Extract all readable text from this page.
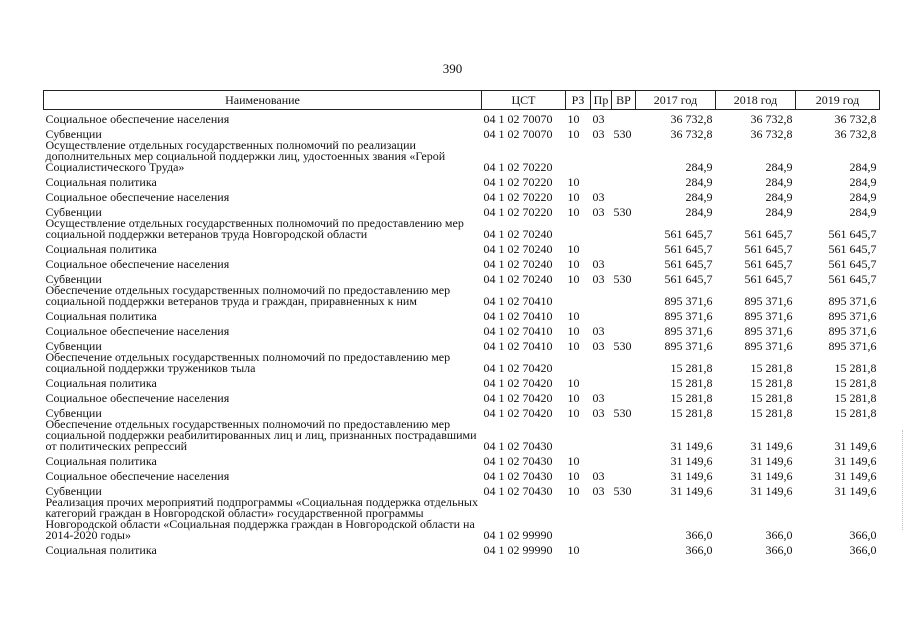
390
Наименование	ЦСТ	РЗ	Пр	ВР	2017 год	2018 год	2019 год
Социальное обеспечение населения	04 1 02 70070	10	03		36 732,8	36 732,8	36 732,8
Субвенции	04 1 02 70070	10	03	530	36 732,8	36 732,8	36 732,8
Осуществление отдельных государственных полномочий по реализации дополнительных мер социальной поддержки лиц, удостоенных звания «Герой Социалистического Труда»	04 1 02 70220				284,9	284,9	284,9
Социальная политика	04 1 02 70220	10			284,9	284,9	284,9
Социальное обеспечение населения	04 1 02 70220	10	03		284,9	284,9	284,9
Субвенции	04 1 02 70220	10	03	530	284,9	284,9	284,9
Осуществление отдельных государственных полномочий по предоставлению мер социальной поддержки ветеранов труда Новгородской области	04 1 02 70240				561 645,7	561 645,7	561 645,7
Социальная политика	04 1 02 70240	10			561 645,7	561 645,7	561 645,7
Социальное обеспечение населения	04 1 02 70240	10	03		561 645,7	561 645,7	561 645,7
Субвенции	04 1 02 70240	10	03	530	561 645,7	561 645,7	561 645,7
Обеспечение отдельных государственных полномочий по предоставлению мер социальной поддержки ветеранов труда и граждан, приравненных к ним	04 1 02 70410				895 371,6	895 371,6	895 371,6
Социальная политика	04 1 02 70410	10			895 371,6	895 371,6	895 371,6
Социальное обеспечение населения	04 1 02 70410	10	03		895 371,6	895 371,6	895 371,6
Субвенции	04 1 02 70410	10	03	530	895 371,6	895 371,6	895 371,6
Обеспечение отдельных государственных полномочий по предоставлению мер социальной поддержки тружеников тыла	04 1 02 70420				15 281,8	15 281,8	15 281,8
Социальная политика	04 1 02 70420	10			15 281,8	15 281,8	15 281,8
Социальное обеспечение населения	04 1 02 70420	10	03		15 281,8	15 281,8	15 281,8
Субвенции	04 1 02 70420	10	03	530	15 281,8	15 281,8	15 281,8
Обеспечение отдельных государственных полномочий по предоставлению мер социальной поддержки реабилитированных лиц и лиц, признанных пострадавшими от политических репрессий	04 1 02 70430				31 149,6	31 149,6	31 149,6
Социальная политика	04 1 02 70430	10			31 149,6	31 149,6	31 149,6
Социальное обеспечение населения	04 1 02 70430	10	03		31 149,6	31 149,6	31 149,6
Субвенции	04 1 02 70430	10	03	530	31 149,6	31 149,6	31 149,6
Реализация прочих мероприятий подпрограммы «Социальная поддержка отдельных категорий граждан в Новгородской области» государственной программы Новгородской области «Социальная поддержка граждан в Новгородской области на 2014-2020 годы»	04 1 02 99990				366,0	366,0	366,0
Социальная политика	04 1 02 99990	10			366,0	366,0	366,0
